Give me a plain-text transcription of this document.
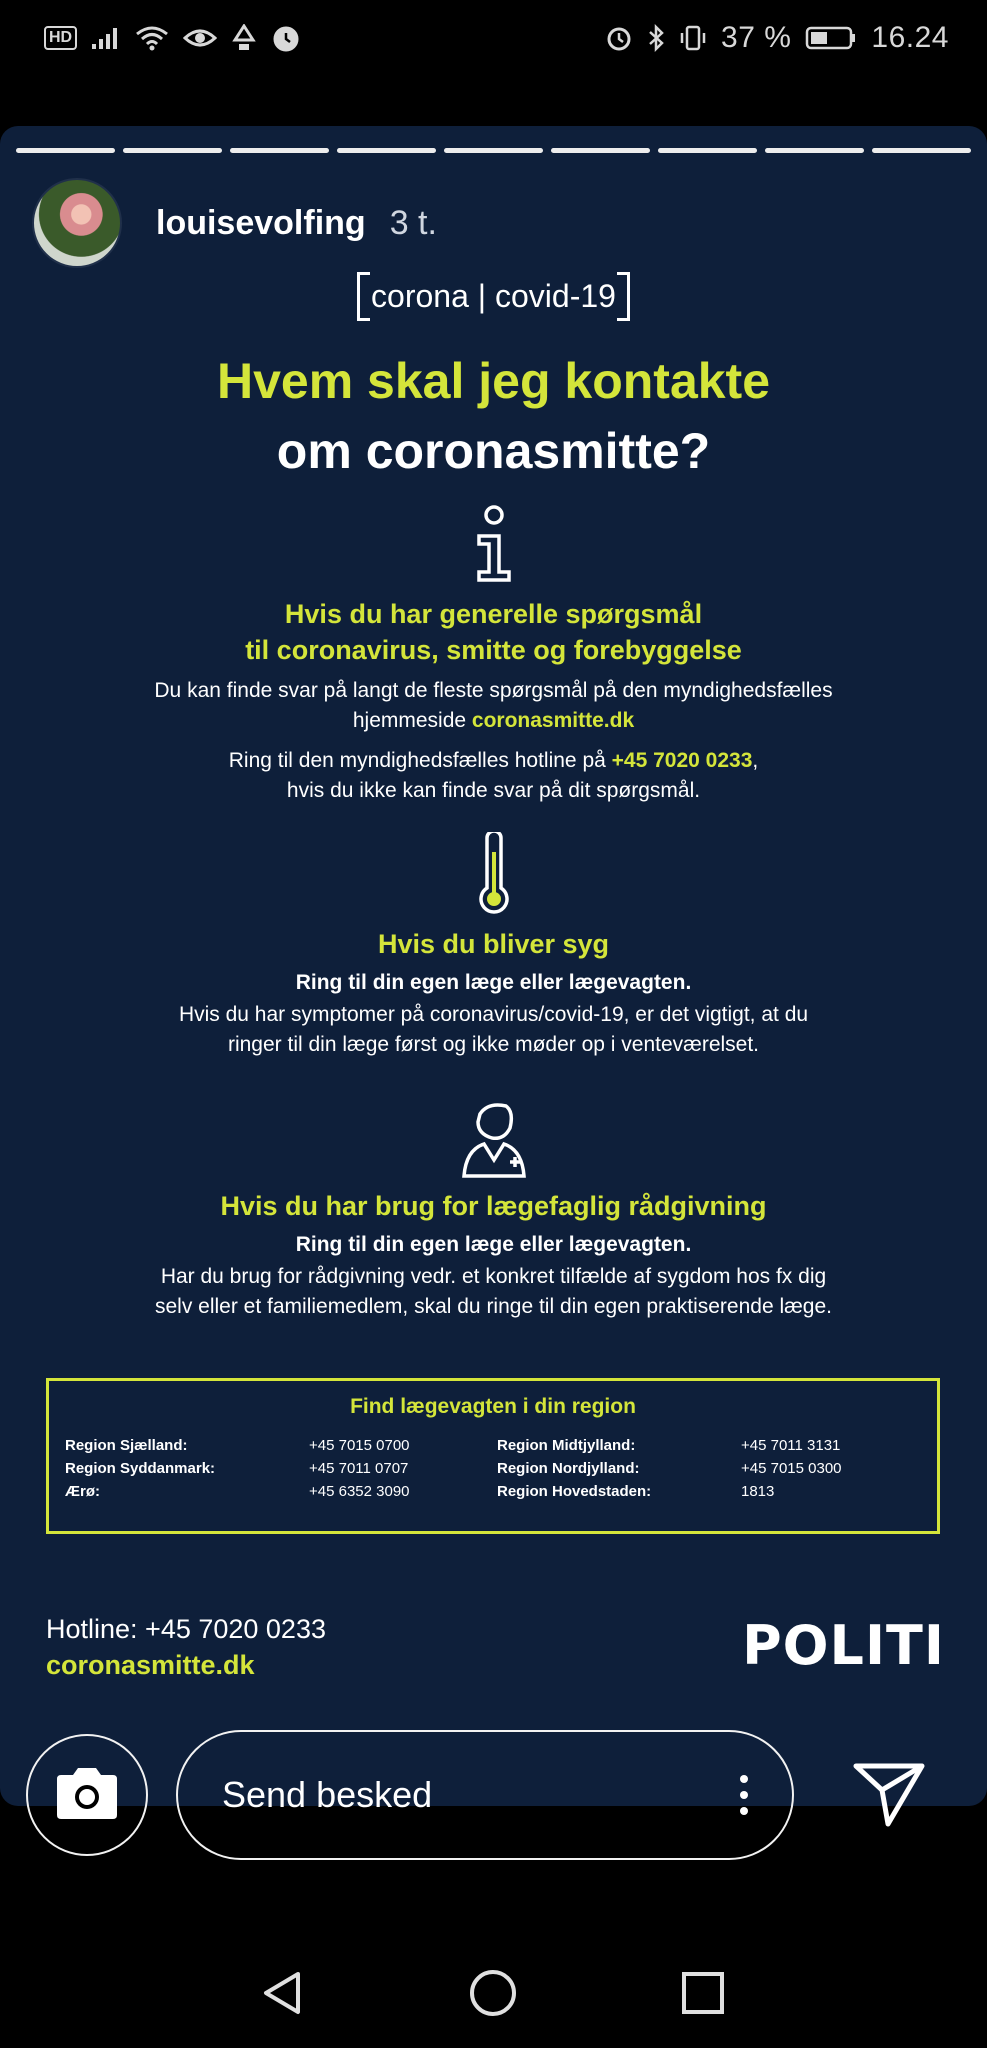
HD	37 %	16.24
corona | covid-19
Hvem skal jeg kontakte
om coronasmitte?
Hvis du har generelle spørgsmål
til coronavirus, smitte og forebyggelse
Du kan finde svar på langt de fleste spørgsmål på den myndighedsfælles
hjemmeside coronasmitte.dk
Ring til den myndighedsfælles hotline på +45 7020 0233,
hvis du ikke kan finde svar på dit spørgsmål.
Hvis du bliver syg
Ring til din egen læge eller lægevagten.
Hvis du har symptomer på coronavirus/covid-19, er det vigtigt, at du
ringer til din læge først og ikke møder op i venteværelset.
Hvis du har brug for lægefaglig rådgivning
Ring til din egen læge eller lægevagten.
Har du brug for rådgivning vedr. et konkret tilfælde af sygdom hos fx dig
selv eller et familiemedlem, skal du ringe til din egen praktiserende læge.
Find lægevagten i din region
Region Sjælland:	+45 7015 0700	Region Midtjylland:	+45 7011 3131
Region Syddanmark:	+45 7011 0707	Region Nordjylland:	+45 7015 0300
Ærø:	+45 6352 3090	Region Hovedstaden:	1813
Hotline: +45 7020 0233
coronasmitte.dk	POLITI
louisevolfing 3 t.
Send besked
